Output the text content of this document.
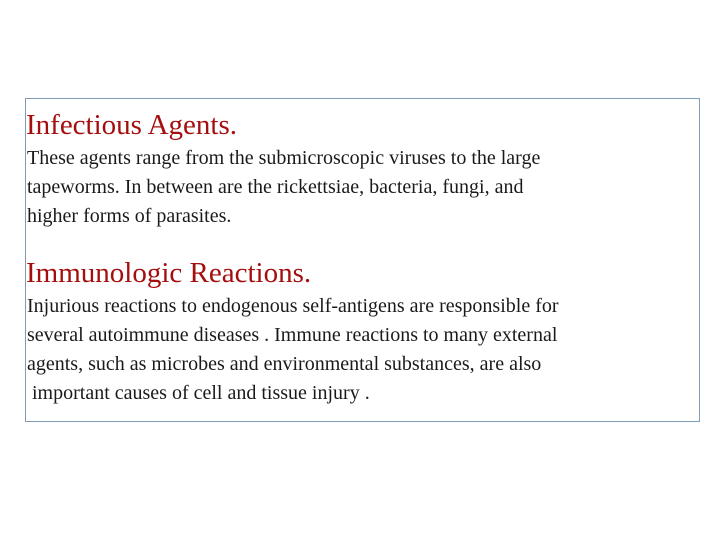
Infectious Agents.
These agents range from the submicroscopic viruses to the large
tapeworms. In between are the rickettsiae, bacteria, fungi, and
higher forms of parasites.
Immunologic Reactions.
Injurious reactions to endogenous self-antigens are responsible for
several autoimmune diseases . Immune reactions to many external
agents, such as microbes and environmental substances, are also
important causes of cell and tissue injury .
